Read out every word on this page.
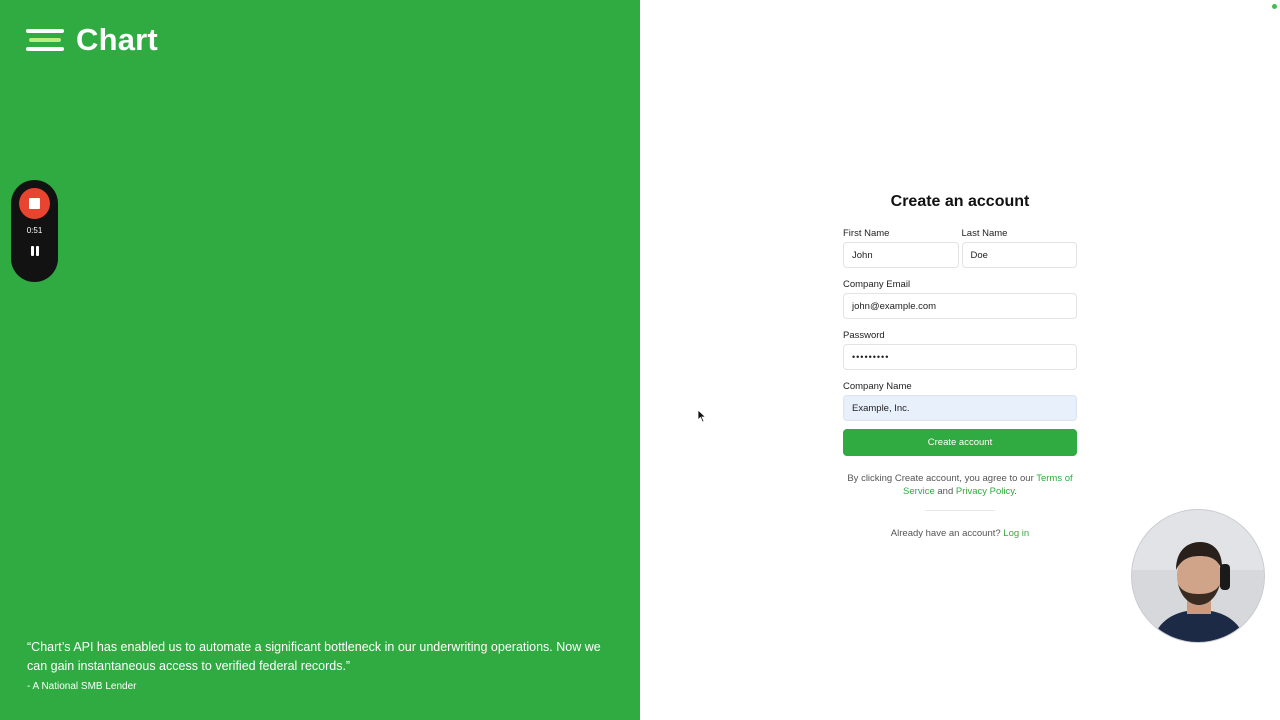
Chart
“Chart’s API has enabled us to automate a significant bottleneck in our underwriting operations. Now we can gain instantaneous access to verified federal records.”
- A National SMB Lender
0:51
Create an account
First Name
John
Last Name
Doe
Company Email
john@example.com
Password
•••••••••
Company Name
Example, Inc.
Create account
By clicking Create account, you agree to our Terms of Service and Privacy Policy.
Already have an account? Log in
